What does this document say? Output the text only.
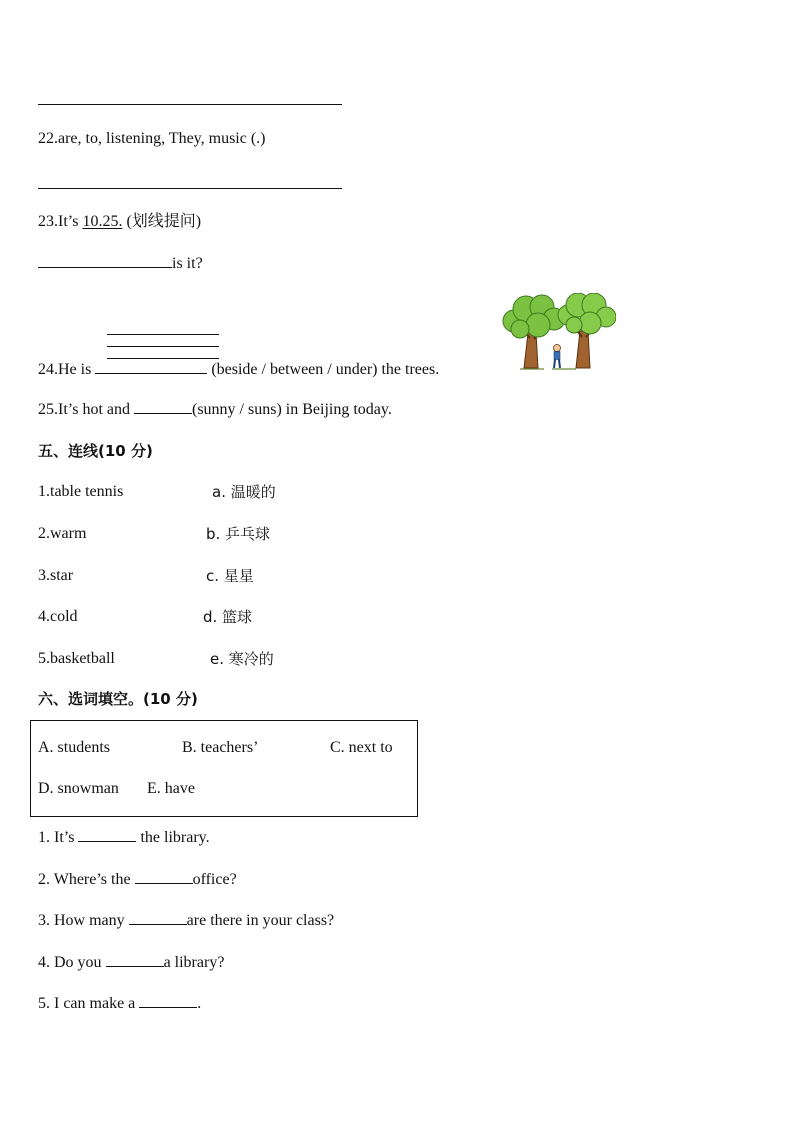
22.are, to, listening, They, music (.)
23.It’s 10.25. (划线提问)
is it?
24.He is	(beside / between / under) the trees.
25.It’s hot and	(sunny / suns) in Beijing today.
五、连线(10 分)
1.table tennis	a. 温暖的
2.warm	b. 乒乓球
3.star	c. 星星
4.cold	d. 篮球
5.basketball	e. 寒冷的
六、选词填空。(10 分)
A. students	B. teachers’	C. next to
D. snowman E. have
1. It’s	the library.
2. Where’s the	office?
3. How many	are there in your class?
4. Do you	a library?
5. I can make a	.
